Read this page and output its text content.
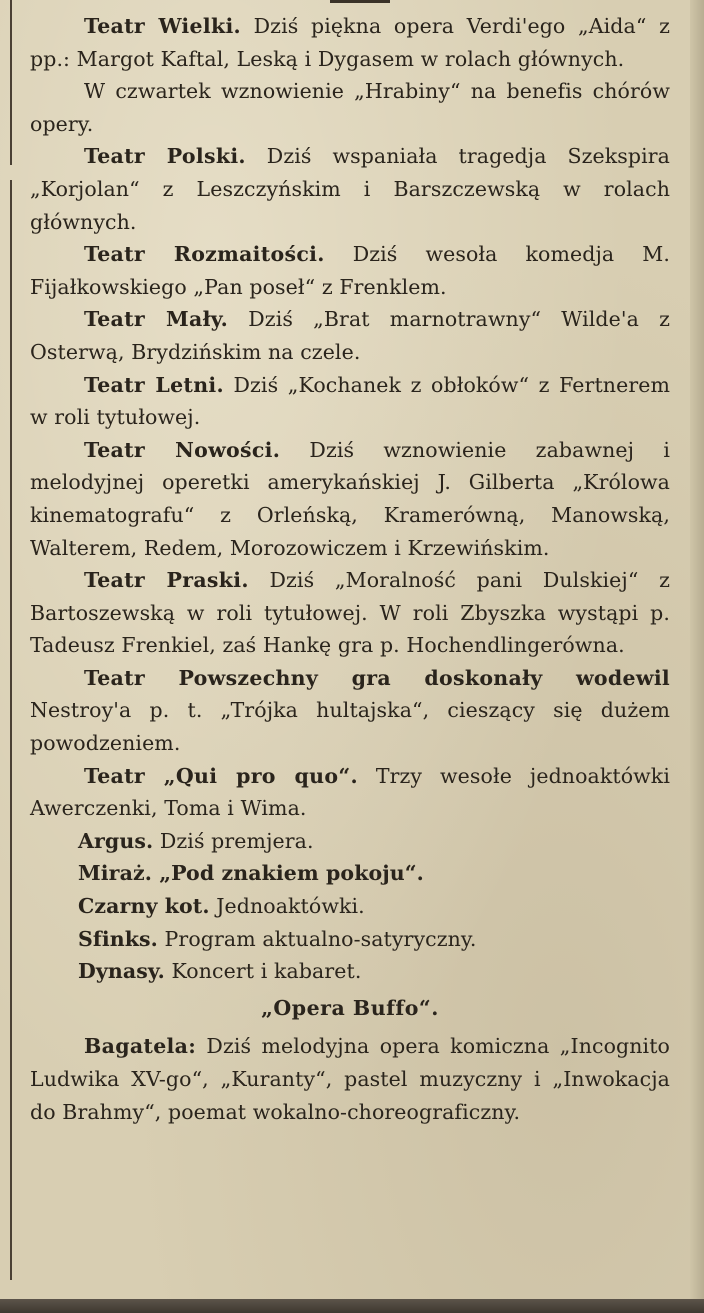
Teatr Wielki. Dziś piękna opera Verdi'ego „Aida“ z pp.: Margot Kaftal, Leską i Dygasem w rolach głównych.

W czwartek wznowienie „Hrabiny“ na benefis chórów opery.

Teatr Polski. Dziś wspaniała tragedja Szekspira „Korjolan“ z Leszczyńskim i Barszczewską w rolach głównych.

Teatr Rozmaitości. Dziś wesoła komedja M. Fijałkowskiego „Pan poseł“ z Frenklem.

Teatr Mały. Dziś „Brat marnotrawny“ Wilde'a z Osterwą, Brydzińskim na czele.

Teatr Letni. Dziś „Kochanek z obłoków“ z Fertnerem w roli tytułowej.

Teatr Nowości. Dziś wznowienie zabawnej i melodyjnej operetki amerykańskiej J. Gilberta „Królowa kinematografu“ z Orleńską, Kramerówną, Manowską, Walterem, Redem, Morozowiczem i Krzewińskim.

Teatr Praski. Dziś „Moralność pani Dulskiej“ z Bartoszewską w roli tytułowej. W roli Zbyszka wystąpi p. Tadeusz Frenkiel, zaś Hankę gra p. Hochendlingerówna.

Teatr Powszechny gra doskonały wodewil Nestroy'a p. t. „Trójka hultajska“, cieszący się dużem powodzeniem.

Teatr „Qui pro quo“. Trzy wesołe jednoaktówki Awerczenki, Toma i Wima.

Argus. Dziś premjera.

Miraż. „Pod znakiem pokoju“.

Czarny kot. Jednoaktówki.

Sfinks. Program aktualno-satyryczny.

Dynasy. Koncert i kabaret.

„Opera Buffo“.

Bagatela: Dziś melodyjna opera komiczna „Incognito Ludwika XV-go“, „Kuranty“, pastel muzyczny i „Inwokacja do Brahmy“, poemat wokalno-choreograficzny.
